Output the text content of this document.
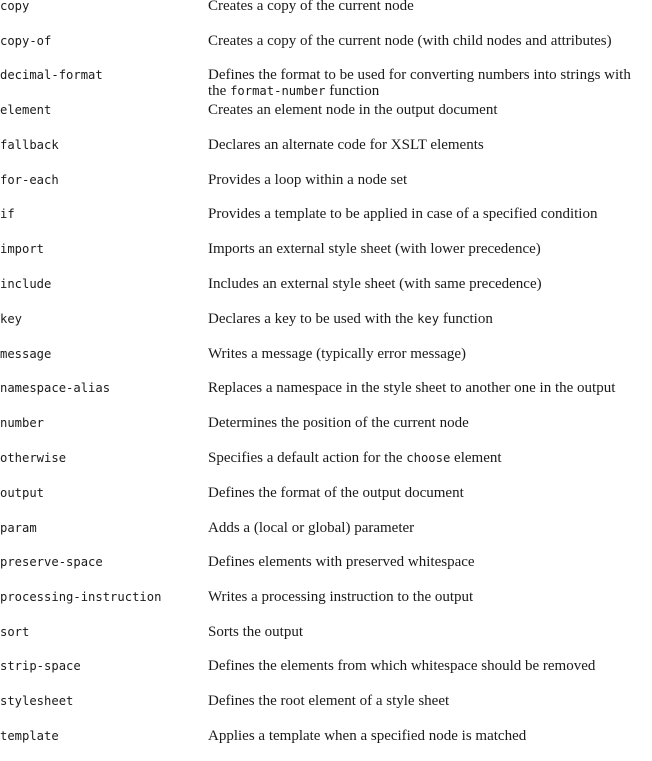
copy	Creates a copy of the current node
copy-of	Creates a copy of the current node (with child nodes and attributes)
decimal-format	Defines the format to be used for converting numbers into strings with
the format-number function
element	Creates an element node in the output document
fallback	Declares an alternate code for XSLT elements
for-each	Provides a loop within a node set
if	Provides a template to be applied in case of a specified condition
import	Imports an external style sheet (with lower precedence)
include	Includes an external style sheet (with same precedence)
key	Declares a key to be used with the key function
message	Writes a message (typically error message)
namespace-alias	Replaces a namespace in the style sheet to another one in the output
number	Determines the position of the current node
otherwise	Specifies a default action for the choose element
output	Defines the format of the output document
param	Adds a (local or global) parameter
preserve-space	Defines elements with preserved whitespace
processing-instruction	Writes a processing instruction to the output
sort	Sorts the output
strip-space	Defines the elements from which whitespace should be removed
stylesheet	Defines the root element of a style sheet
template	Applies a template when a specified node is matched
